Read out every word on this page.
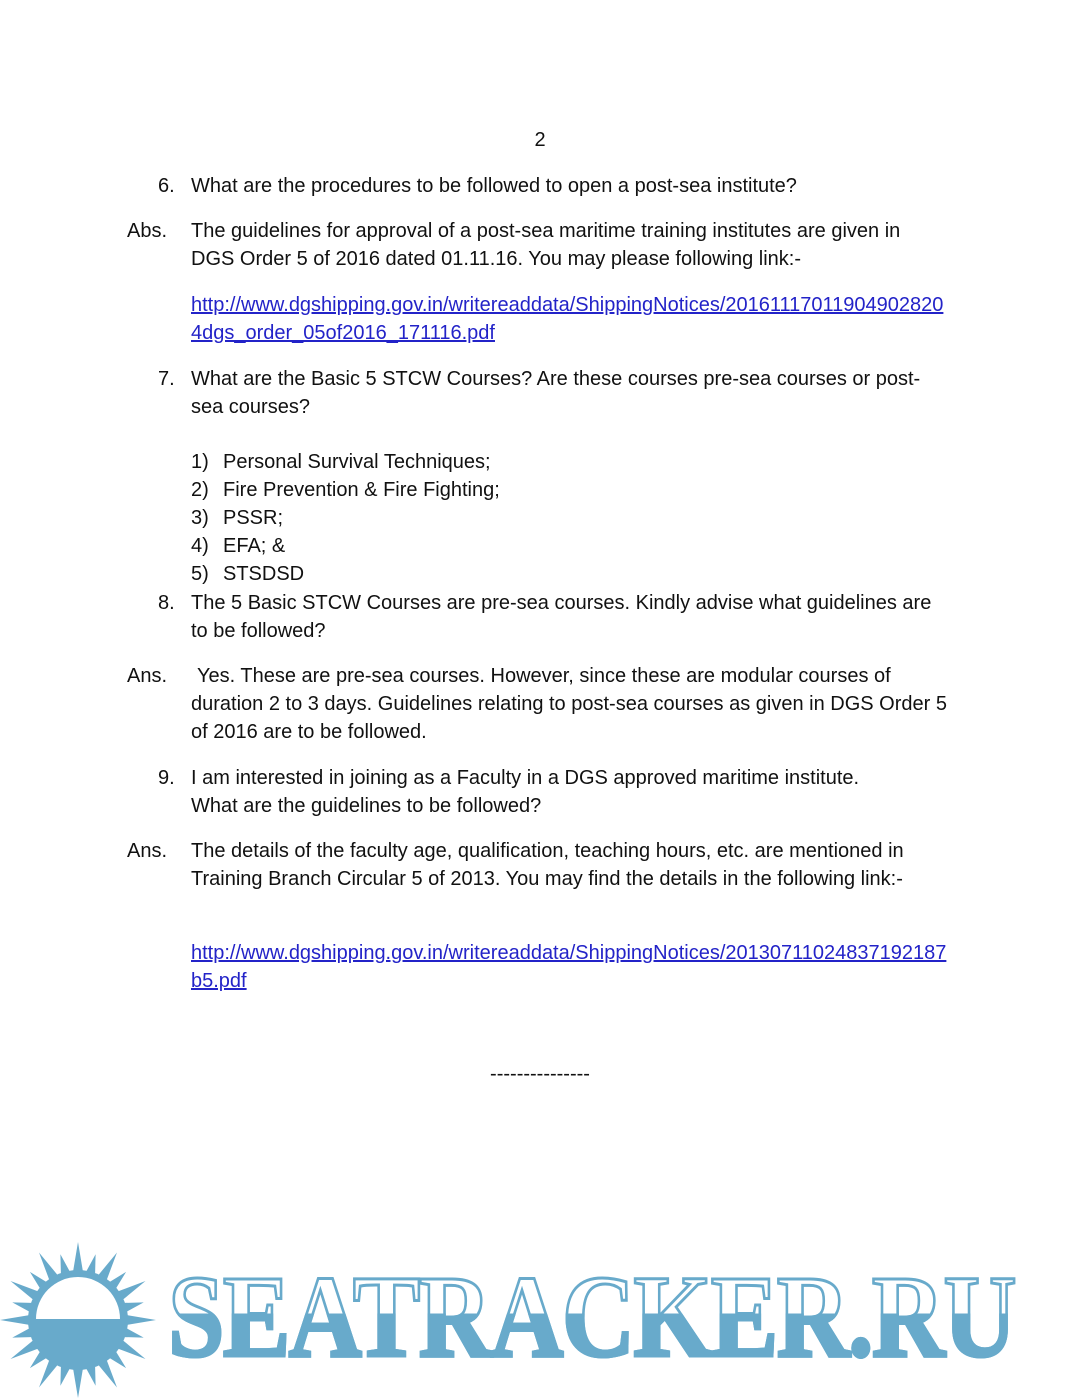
2
6. What are the procedures to be followed to open a post-sea institute?
Abs. The guidelines for approval of a post-sea maritime training institutes are given in
DGS Order 5 of 2016 dated 01.11.16. You may please following link:-
http://www.dgshipping.gov.in/writereaddata/ShippingNotices/201611170119049028204dgs_order_05of2016_171116.pdf
7. What are the Basic 5 STCW Courses? Are these courses pre-sea courses or post-sea courses?
1) Personal Survival Techniques;
2) Fire Prevention & Fire Fighting;
3) PSSR;
4) EFA; &
5) STSDSD
8. The 5 Basic STCW Courses are pre-sea courses. Kindly advise what guidelines are to be followed?
Ans.	Yes. These are pre-sea courses. However, since these are modular courses of duration 2 to 3 days. Guidelines relating to post-sea courses as given in DGS Order 5 of 2016 are to be followed.
9. I am interested in joining as a Faculty in a DGS approved maritime institute. What are the guidelines to be followed?
Ans. The details of the faculty age, qualification, teaching hours, etc. are mentioned in Training Branch Circular 5 of 2013. You may find the details in the following link:-
http://www.dgshipping.gov.in/writereaddata/ShippingNotices/20130711024837192187b5.pdf
---------------
SEATRACKER.RU
